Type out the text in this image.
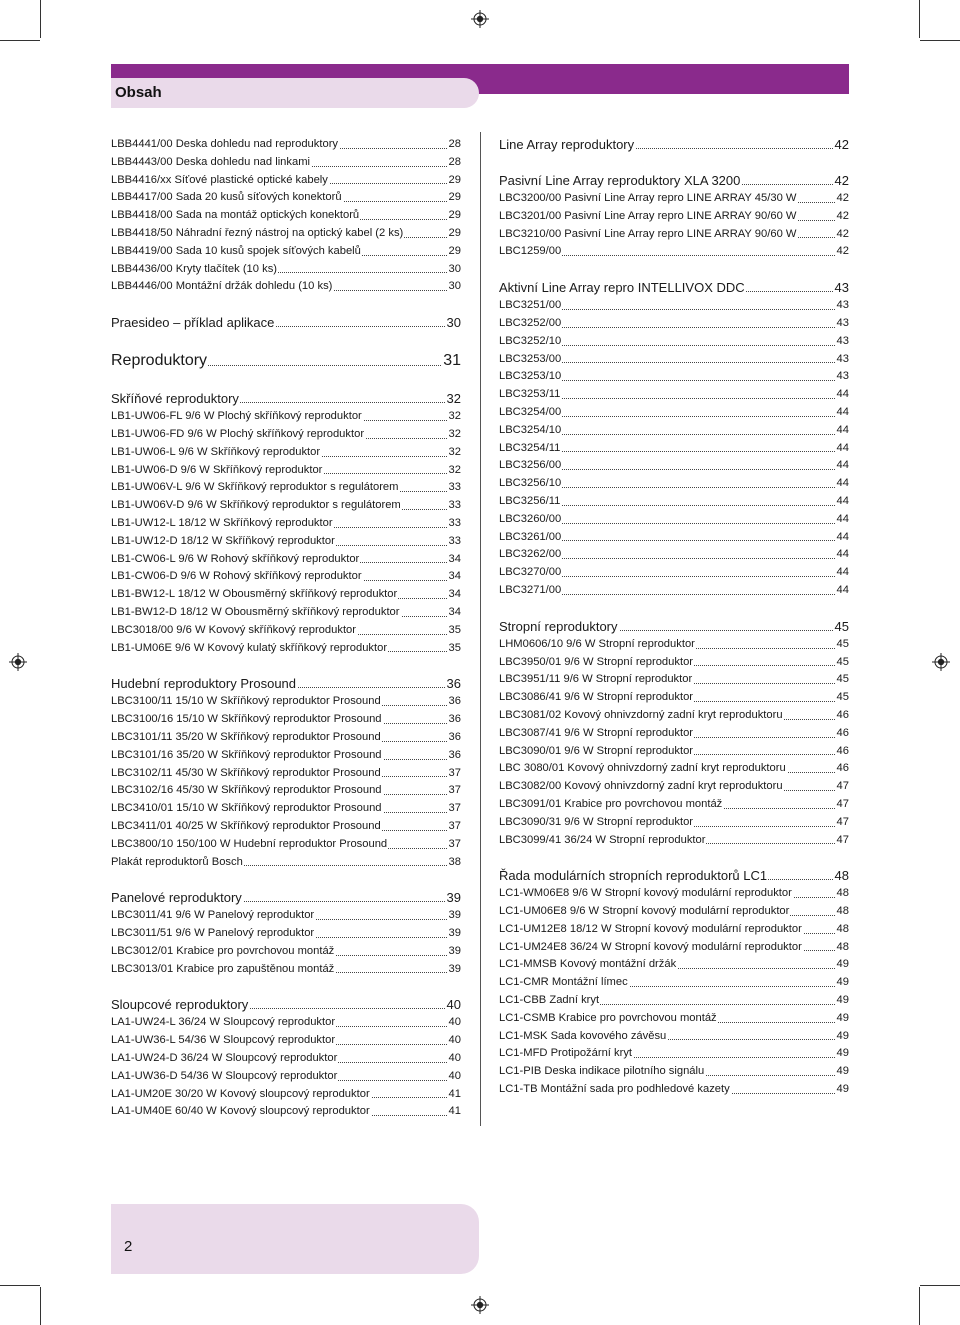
Obsah
LBB4441/00 Deska dohledu nad reproduktory	28
LBB4443/00 Deska dohledu nad linkami	28
LBB4416/xx Síťové plastické optické kabely	29
LBB4417/00 Sada 20 kusů síťových konektorů	29
LBB4418/00 Sada na montáž optických konektorů	29
LBB4418/50 Náhradní řezný nástroj na optický kabel (2 ks)	29
LBB4419/00 Sada 10 kusů spojek síťových kabelů	29
LBB4436/00 Kryty tlačítek (10 ks)	30
LBB4446/00 Montážní držák dohledu (10 ks)	30
Praesideo – příklad aplikace	30
Reproduktory	31
Skříňové reproduktory	32
LB1-UW06-FL 9/6 W Plochý skříňkový reproduktor	32
LB1-UW06-FD 9/6 W Plochý skříňkový reproduktor	32
LB1-UW06-L 9/6 W Skříňkový reproduktor	32
LB1-UW06-D 9/6 W Skříňkový reproduktor	32
LB1-UW06V-L 9/6 W Skříňkový reproduktor s regulátorem	33
LB1-UW06V-D 9/6 W Skříňkový reproduktor s regulátorem	33
LB1-UW12-L 18/12 W Skříňkový reproduktor	33
LB1-UW12-D 18/12 W Skříňkový reproduktor	33
LB1-CW06-L 9/6 W Rohový skříňkový reproduktor	34
LB1-CW06-D 9/6 W Rohový skříňkový reproduktor	34
LB1-BW12-L 18/12 W Obousměrný skříňkový reproduktor	34
LB1-BW12-D 18/12 W Obousměrný skříňkový reproduktor	34
LBC3018/00 9/6 W Kovový skříňkový reproduktor	35
LB1-UM06E 9/6 W Kovový kulatý skříňkový reproduktor	35
Hudební reproduktory Prosound	36
LBC3100/11 15/10 W Skříňkový reproduktor Prosound	36
LBC3100/16 15/10 W Skříňkový reproduktor Prosound	36
LBC3101/11 35/20 W Skříňkový reproduktor Prosound	36
LBC3101/16 35/20 W Skříňkový reproduktor Prosound	36
LBC3102/11 45/30 W Skříňkový reproduktor Prosound	37
LBC3102/16 45/30 W Skříňkový reproduktor Prosound	37
LBC3410/01 15/10 W Skříňkový reproduktor Prosound	37
LBC3411/01 40/25 W Skříňkový reproduktor Prosound	37
LBC3800/10 150/100 W Hudební reproduktor Prosound	37
Plakát reproduktorů Bosch	38
Panelové reproduktory	39
LBC3011/41 9/6 W Panelový reproduktor	39
LBC3011/51 9/6 W Panelový reproduktor	39
LBC3012/01 Krabice pro povrchovou montáž	39
LBC3013/01 Krabice pro zapuštěnou montáž	39
Sloupcové reproduktory	40
LA1-UW24-L 36/24 W Sloupcový reproduktor	40
LA1-UW36-L 54/36 W Sloupcový reproduktor	40
LA1-UW24-D 36/24 W Sloupcový reproduktor	40
LA1-UW36-D 54/36 W Sloupcový reproduktor	40
LA1-UM20E 30/20 W Kovový sloupcový reproduktor	41
LA1-UM40E 60/40 W Kovový sloupcový reproduktor	41
Line Array reproduktory	42
Pasivní Line Array reproduktory XLA 3200	42
LBC3200/00 Pasivní Line Array repro LINE ARRAY 45/30 W	42
LBC3201/00 Pasivní Line Array repro LINE ARRAY 90/60 W	42
LBC3210/00 Pasivní Line Array repro LINE ARRAY 90/60 W	42
LBC1259/00	42
Aktivní Line Array repro INTELLIVOX DDC	43
LBC3251/00	43
LBC3252/00	43
LBC3252/10	43
LBC3253/00	43
LBC3253/10	43
LBC3253/11	44
LBC3254/00	44
LBC3254/10	44
LBC3254/11	44
LBC3256/00	44
LBC3256/10	44
LBC3256/11	44
LBC3260/00	44
LBC3261/00	44
LBC3262/00	44
LBC3270/00	44
LBC3271/00	44
Stropní reproduktory	45
LHM0606/10 9/6 W Stropní reproduktor	45
LBC3950/01 9/6 W Stropní reproduktor	45
LBC3951/11 9/6 W Stropní reproduktor	45
LBC3086/41 9/6 W Stropní reproduktor	45
LBC3081/02 Kovový ohnivzdorný zadní kryt reproduktoru	46
LBC3087/41 9/6 W Stropní reproduktor	46
LBC3090/01 9/6 W Stropní reproduktor	46
LBC 3080/01 Kovový ohnivzdorný zadní kryt reproduktoru	46
LBC3082/00 Kovový ohnivzdorný zadní kryt reproduktoru	47
LBC3091/01 Krabice pro povrchovou montáž	47
LBC3090/31 9/6 W Stropní reproduktor	47
LBC3099/41 36/24 W Stropní reproduktor	47
Řada modulárních stropních reproduktorů LC1	48
LC1-WM06E8 9/6 W Stropní kovový modulární reproduktor	48
LC1-UM06E8 9/6 W Stropní kovový modulární reproduktor	48
LC1-UM12E8 18/12 W Stropní kovový modulární reproduktor	48
LC1-UM24E8 36/24 W Stropní kovový modulární reproduktor	48
LC1-MMSB Kovový montážní držák	49
LC1-CMR Montážní límec	49
LC1-CBB Zadní kryt	49
LC1-CSMB Krabice pro povrchovou montáž	49
LC1-MSK Sada kovového závěsu	49
LC1-MFD Protipožární kryt	49
LC1-PIB Deska indikace pilotního signálu	49
LC1-TB Montážní sada pro podhledové kazety	49
2
